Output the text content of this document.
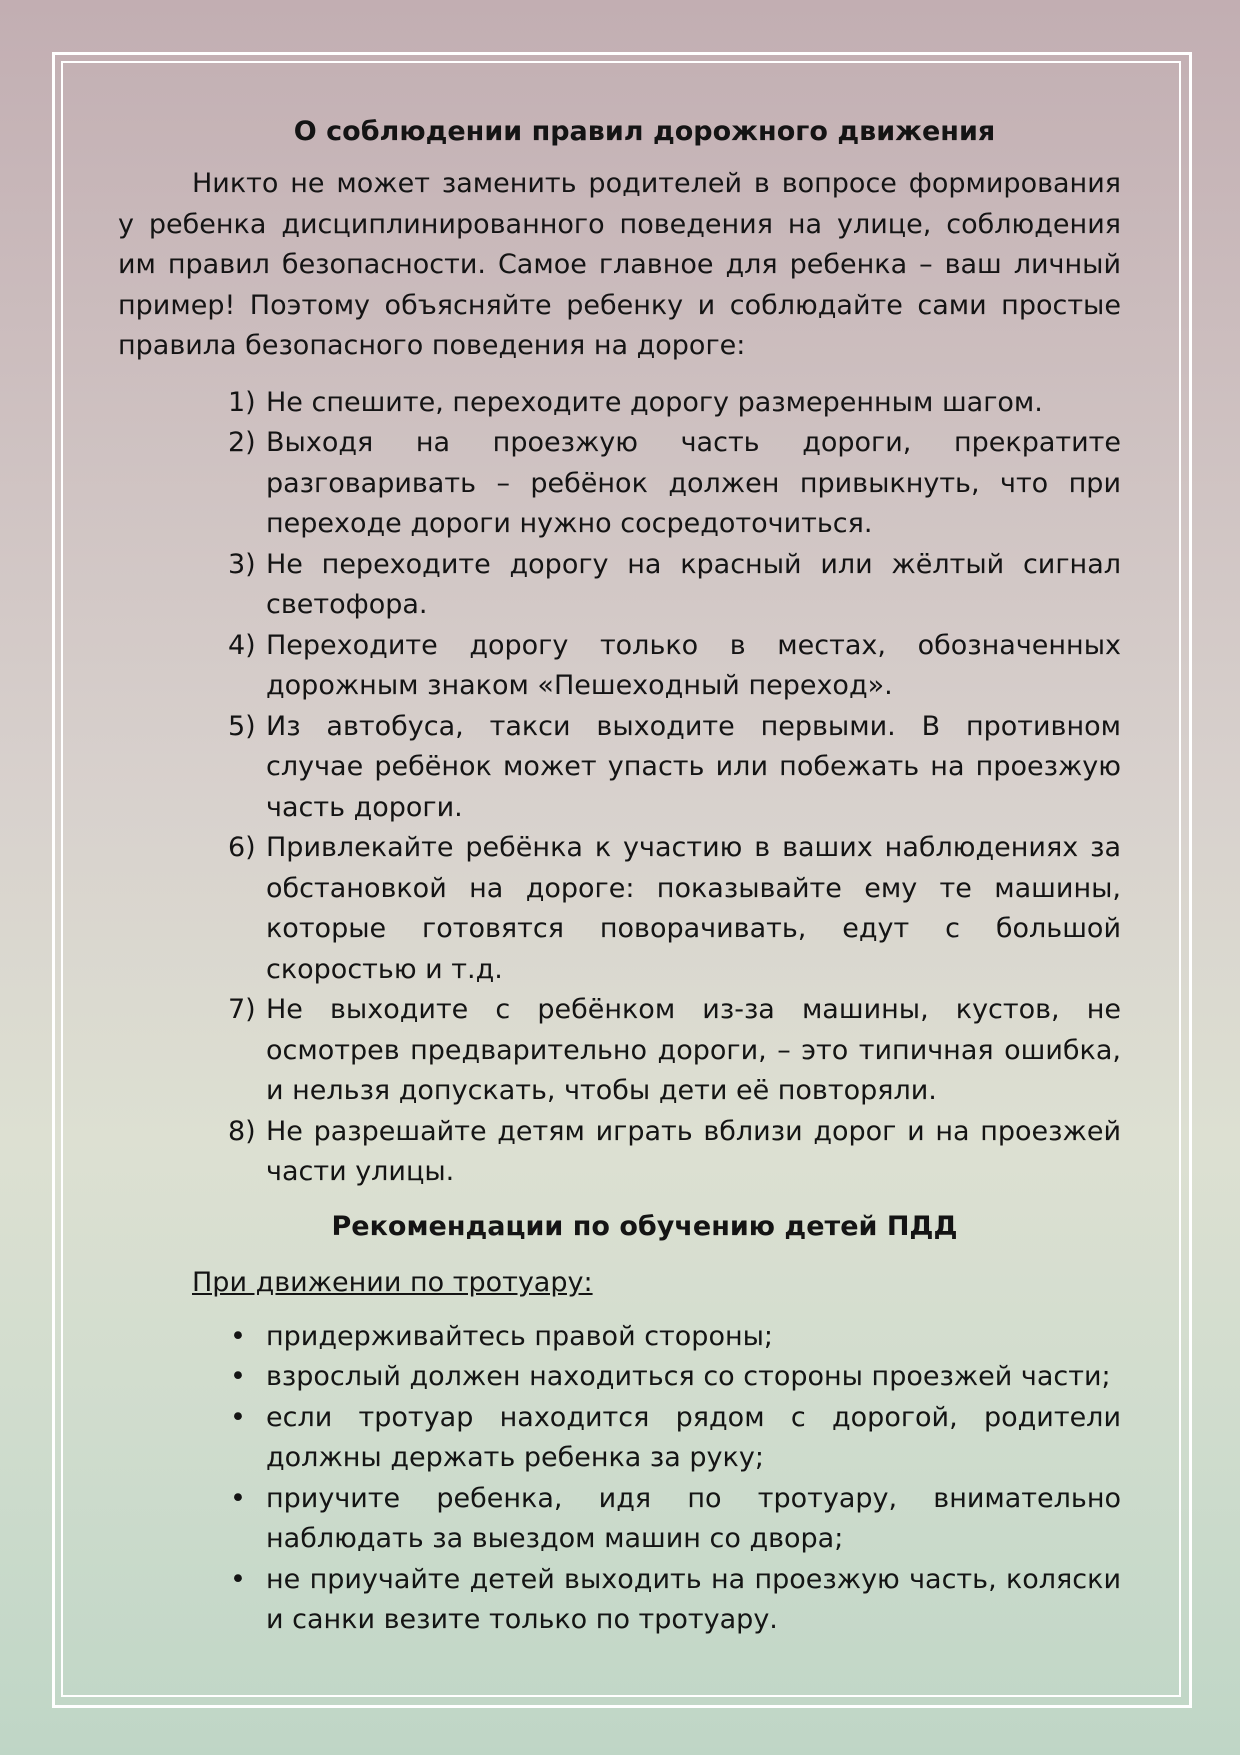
О соблюдении правил дорожного движения

Никто не может заменить родителей в вопросе формирования у ребенка дисциплинированного поведения на улице, соблюдения им правил безопасности. Самое главное для ребенка – ваш личный пример! Поэтому объясняйте ребенку и соблюдайте сами простые правила безопасного поведения на дороге:

1) Не спешите, переходите дорогу размеренным шагом.
2) Выходя на проезжую часть дороги, прекратите разговаривать – ребёнок должен привыкнуть, что при переходе дороги нужно сосредоточиться.
3) Не переходите дорогу на красный или жёлтый сигнал светофора.
4) Переходите дорогу только в местах, обозначенных дорожным знаком «Пешеходный переход».
5) Из автобуса, такси выходите первыми. В противном случае ребёнок может упасть или побежать на проезжую часть дороги.
6) Привлекайте ребёнка к участию в ваших наблюдениях за обстановкой на дороге: показывайте ему те машины, которые готовятся поворачивать, едут с большой скоростью и т.д.
7) Не выходите с ребёнком из-за машины, кустов, не осмотрев предварительно дороги, – это типичная ошибка, и нельзя допускать, чтобы дети её повторяли.
8) Не разрешайте детям играть вблизи дорог и на проезжей части улицы.
Рекомендации по обучению детей ПДД
При движении по тротуару:
• придерживайтесь правой стороны;
• взрослый должен находиться со стороны проезжей части;
• если тротуар находится рядом с дорогой, родители должны держать ребенка за руку;
• приучите ребенка, идя по тротуару, внимательно наблюдать за выездом машин со двора;
• не приучайте детей выходить на проезжую часть, коляски и санки везите только по тротуару.
